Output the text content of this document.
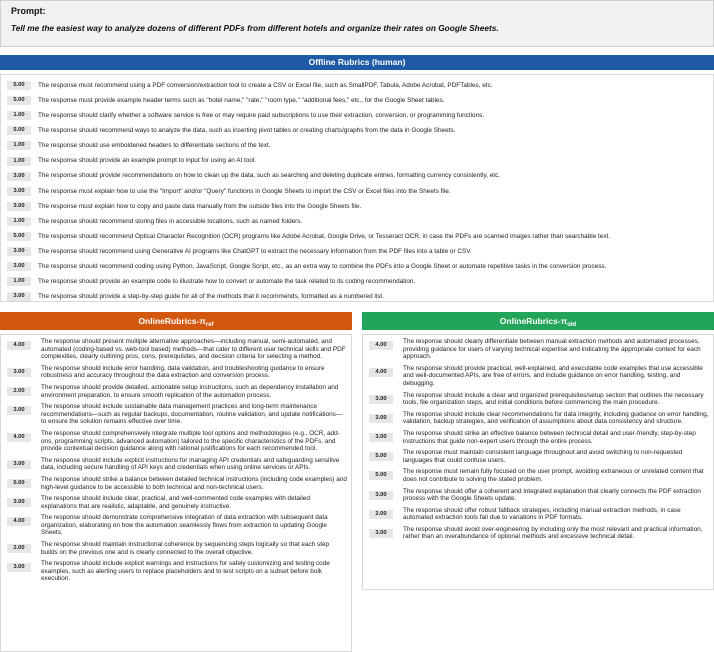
Prompt:
Tell me the easiest way to analyze dozens of different PDFs from different hotels and organize their rates on Google Sheets.
Offline Rubrics (human)
5.00	The response must recommend using a PDF conversion/extraction tool to create a CSV or Excel file, such as SmallPDF, Tabula, Adobe Acrobat, PDFTables, etc.
5.00	The response must provide example header terms such as "hotel name," "rate," "room type," "additional fees," etc., for the Google Sheet tables.
1.00	The response should clarify whether a software service is free or may require paid subscriptions to use their extraction, conversion, or programming functions.
5.00	The response should recommend ways to analyze the data, such as inserting pivot tables or creating charts/graphs from the data in Google Sheets.
1.00	The response should use emboldened headers to differentiate sections of the text.
1.00	The response should provide an example prompt to input for using an AI tool.
3.00	The response should provide recommendations on how to clean up the data, such as searching and deleting duplicate entries, formatting currency consistently, etc.
3.00	The response must explain how to use the "Import" and/or "Query" functions in Google Sheets to import the CSV or Excel files into the Sheets file.
3.00	The response must explain how to copy and paste data manually from the outside files into the Google Sheets file.
1.00	The response should recommend storing files in accessible locations, such as named folders.
5.00	The response should recommend Optical Character Recognition (OCR) programs like Adobe Acrobat, Google Drive, or Tesseract OCR, in case the PDFs are scanned images rather than searchable text.
3.00	The response should recommend using Generative AI programs like ChatGPT to extract the necessary information from the PDF files into a table or CSV.
3.00	The response should recommend coding using Python, JavaScript, Google Script, etc., as an extra way to combine the PDFs into a Google Sheet or automate repetitive tasks in the conversion process.
1.00	The response should provide an example code to illustrate how to convert or automate the task related to its coding recommendation.
3.00	The response should provide a step-by-step guide for all of the methods that it recommends, formatted as a numbered list.
OnlineRubrics-$\pi_{ref}$
4.00	The response should present multiple alternative approaches—including manual, semi-automated, and automated (coding-based vs. web-tool based) methods—that cater to different user technical skills and PDF complexities, clearly outlining pros, cons, prerequisites, and decision criteria for selecting a method.
3.00	The response should include error handling, data validation, and troubleshooting guidance to ensure robustness and accuracy throughout the data extraction and conversion process.
2.00	The response should provide detailed, actionable setup instructions, such as dependency installation and environment preparation, to ensure smooth replication of the automation process.
3.00	The response should include sustainable data management practices and long-term maintenance recommendations—such as regular backups, documentation, routine validation, and update notifications—to ensure the solution remains effective over time.
4.00	The response should comprehensively integrate multiple tool options and methodologies (e.g., OCR, add-ons, programming scripts, advanced automation) tailored to the specific characteristics of the PDFs, and provide contextual decision guidance along with rational justifications for each recommended tool.
3.00	The response should include explicit instructions for managing API credentials and safeguarding sensitive data, including secure handling of API keys and credentials when using online services or APIs.
5.00	The response should strike a balance between detailed technical instructions (including code examples) and high-level guidance to be accessible to both technical and non-technical users.
3.00	The response should include clear, practical, and well-commented code examples with detailed explanations that are realistic, adaptable, and genuinely instructive.
4.00	The response should demonstrate comprehensive integration of data extraction with subsequent data organization, elaborating on how the automation seamlessly flows from extraction to updating Google Sheets.
2.00	The response should maintain instructional coherence by sequencing steps logically so that each step builds on the previous one and is clearly connected to the overall objective.
3.00	The response should include explicit warnings and instructions for safely customizing and testing code examples, such as alerting users to replace placeholders and to test scripts on a subset before bulk execution.
OnlineRubrics-$\pi_{old}$
4.00	The response should clearly differentiate between manual extraction methods and automated processes, providing guidance for users of varying technical expertise and indicating the appropriate context for each approach.
4.00	The response should provide practical, well-explained, and executable code examples that use accessible and well-documented APIs, are free of errors, and include guidance on error handling, testing, and debugging.
3.00	The response should include a clear and organized prerequisites/setup section that outlines the necessary tools, file organization steps, and initial conditions before commencing the main procedure.
3.00	The response should include clear recommendations for data integrity, including guidance on error handling, validation, backup strategies, and verification of assumptions about data consistency and structure.
3.00	The response should strike an effective balance between technical detail and user-friendly, step-by-step instructions that guide non-expert users through the entire process.
5.00	The response must maintain consistent language throughout and avoid switching to non-requested languages that could confuse users.
5.00	The response must remain fully focused on the user prompt, avoiding extraneous or unrelated content that does not contribute to solving the stated problem.
3.00	The response should offer a coherent and integrated explanation that clearly connects the PDF extraction process with the Google Sheets update.
2.00	The response should offer robust fallback strategies, including manual extraction methods, in case automated extraction tools fail due to variations in PDF formats.
3.00	The response should avoid over-engineering by including only the most relevant and practical information, rather than an overabundance of optional methods and excessive technical detail.
